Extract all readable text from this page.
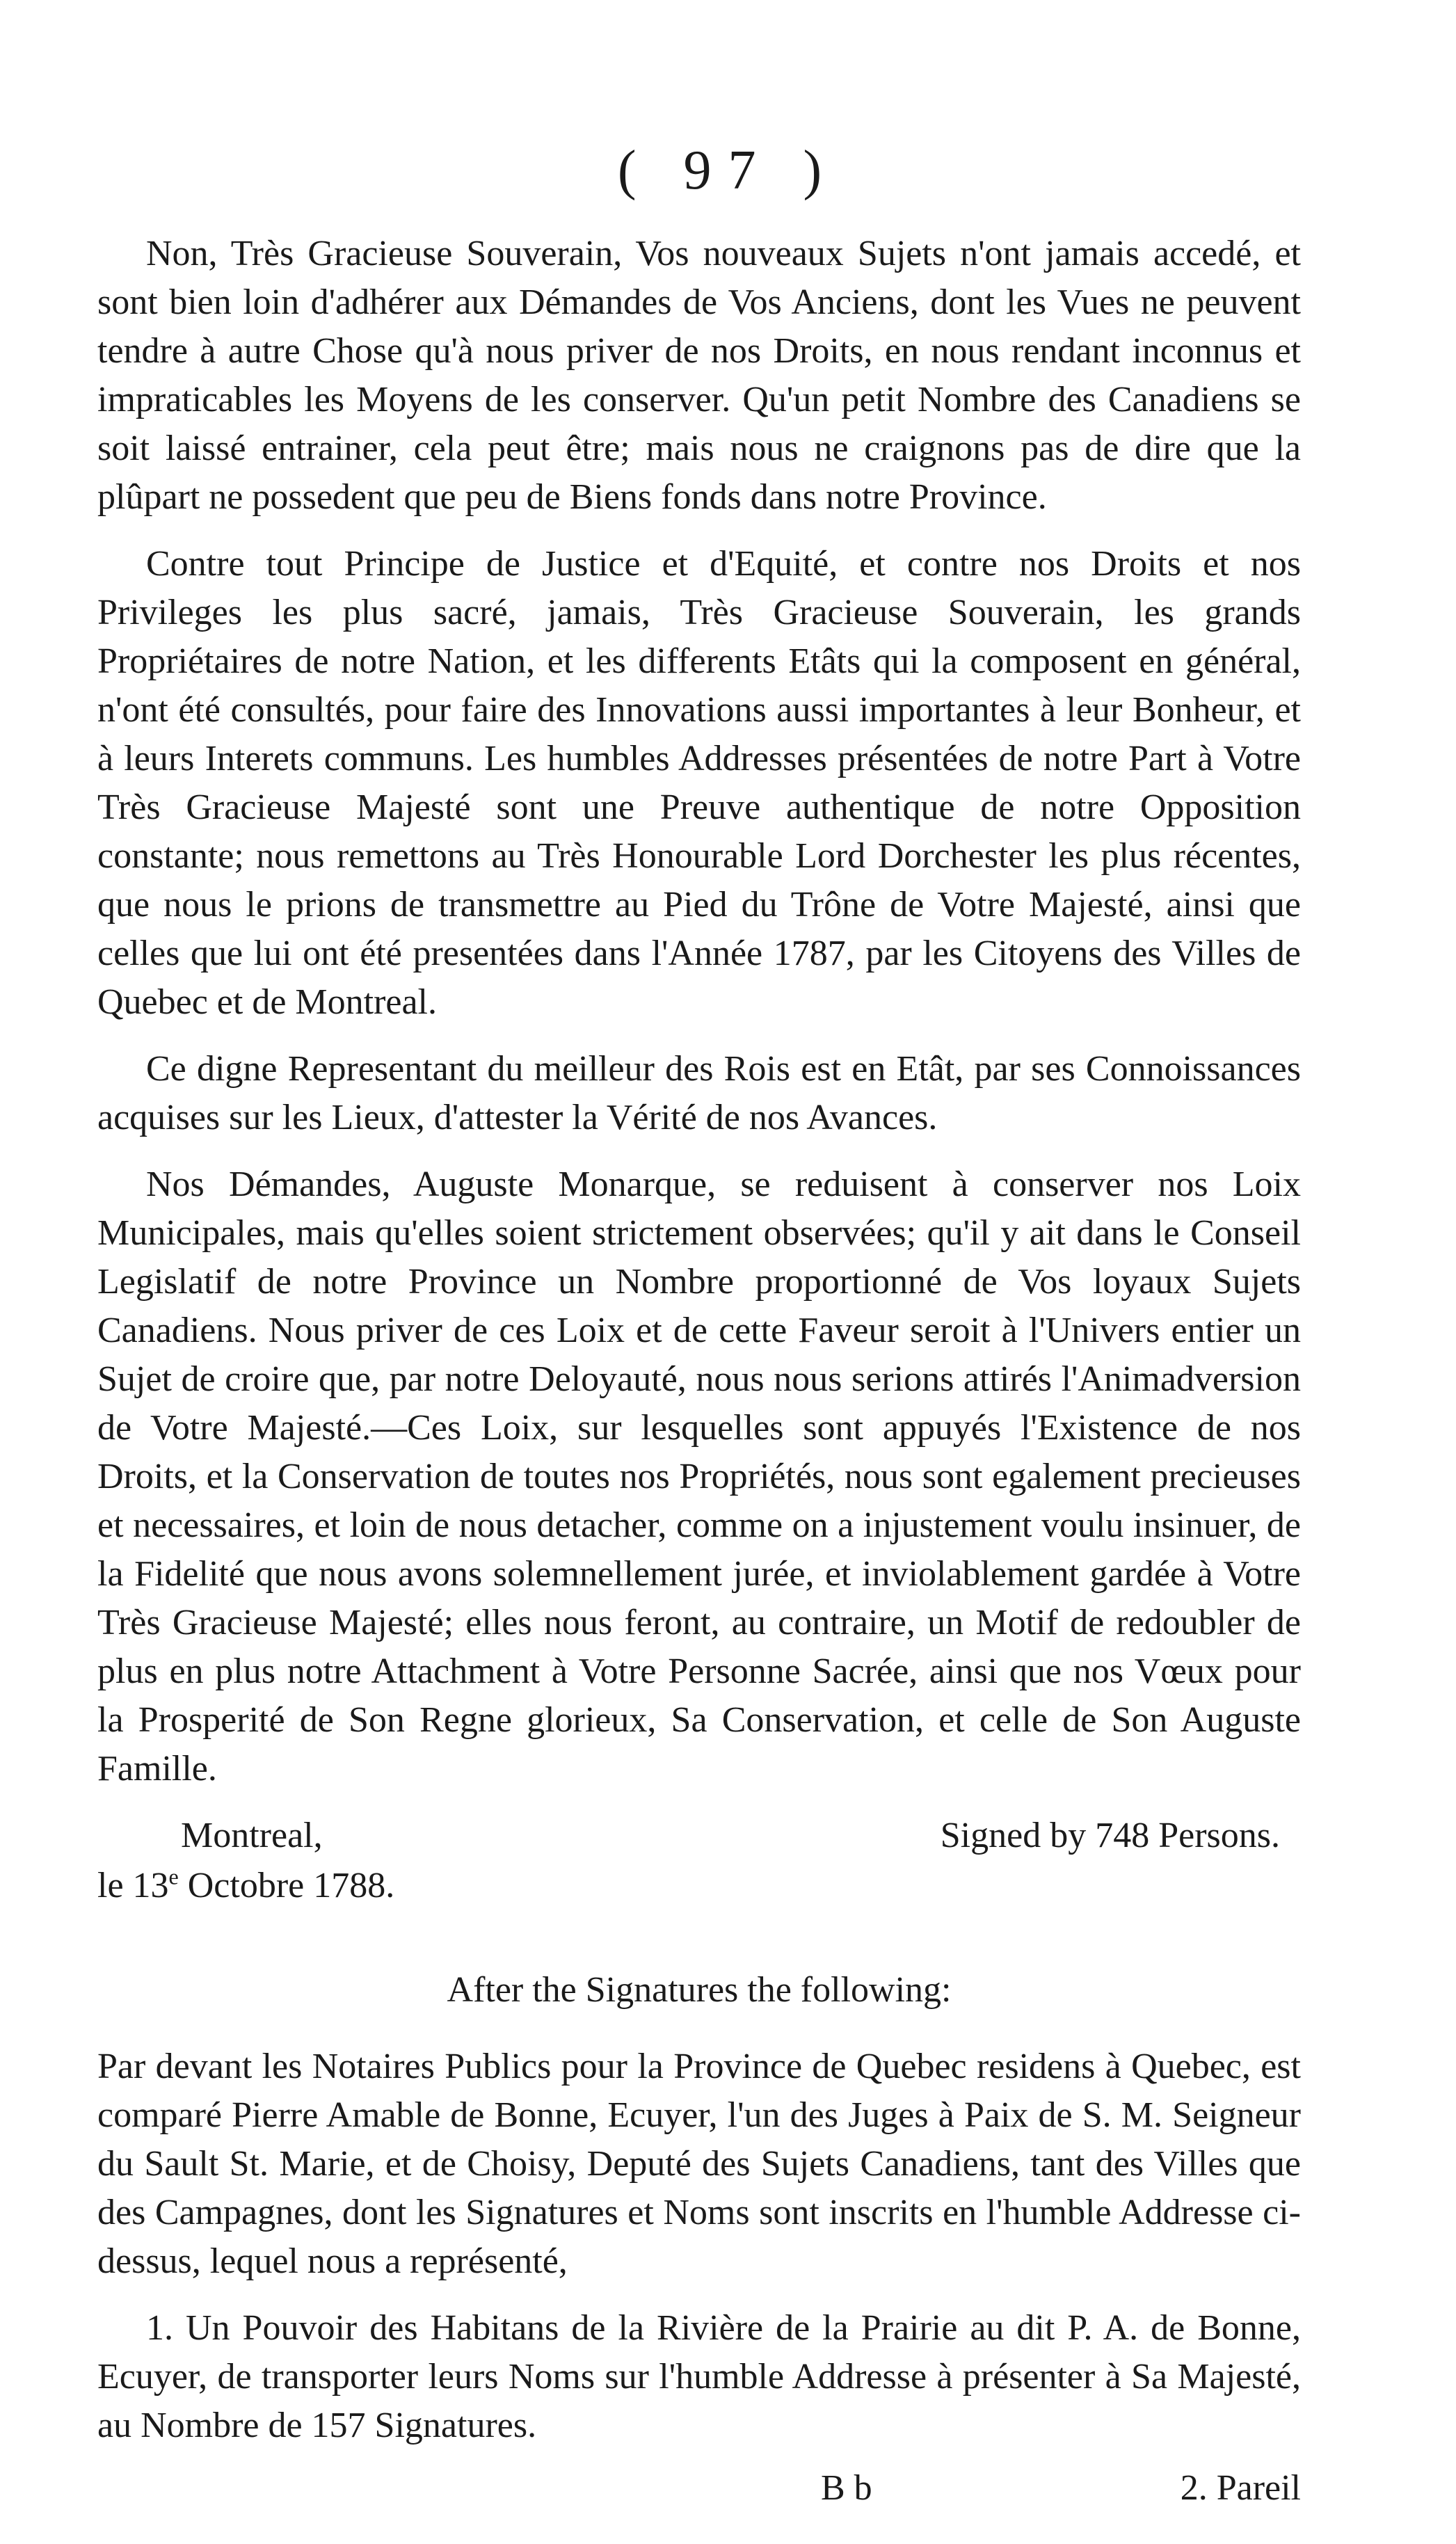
( 97 )

Non, Très Gracieuse Souverain, Vos nouveaux Sujets n'ont jamais accedé, et sont bien loin d'adhérer aux Démandes de Vos Anciens, dont les Vues ne peuvent tendre à autre Chose qu'à nous priver de nos Droits, en nous rendant inconnus et impraticables les Moyens de les conserver. Qu'un petit Nombre des Canadiens se soit laissé entrainer, cela peut être; mais nous ne craignons pas de dire que la plûpart ne possedent que peu de Biens fonds dans notre Province.

Contre tout Principe de Justice et d'Equité, et contre nos Droits et nos Privileges les plus sacré, jamais, Très Gracieuse Souverain, les grands Propriétaires de notre Nation, et les differents Etâts qui la composent en général, n'ont été consultés, pour faire des Innovations aussi importantes à leur Bonheur, et à leurs Interets communs. Les humbles Addresses présentées de notre Part à Votre Très Gracieuse Majesté sont une Preuve authentique de notre Opposition constante; nous remettons au Très Honourable Lord Dorchester les plus récentes, que nous le prions de transmettre au Pied du Trône de Votre Majesté, ainsi que celles que lui ont été presentées dans l'Année 1787, par les Citoyens des Villes de Quebec et de Montreal.

Ce digne Representant du meilleur des Rois est en Etât, par ses Connoissances acquises sur les Lieux, d'attester la Vérité de nos Avances.

Nos Démandes, Auguste Monarque, se reduisent à conserver nos Loix Municipales, mais qu'elles soient strictement observées; qu'il y ait dans le Conseil Legislatif de notre Province un Nombre proportionné de Vos loyaux Sujets Canadiens. Nous priver de ces Loix et de cette Faveur seroit à l'Univers entier un Sujet de croire que, par notre Deloyauté, nous nous serions attirés l'Animadversion de Votre Majesté.—Ces Loix, sur lesquelles sont appuyés l'Existence de nos Droits, et la Conservation de toutes nos Propriétés, nous sont egalement precieuses et necessaires, et loin de nous detacher, comme on a injustement voulu insinuer, de la Fidelité que nous avons solemnellement jurée, et inviolablement gardée à Votre Très Gracieuse Majesté; elles nous feront, au contraire, un Motif de redoubler de plus en plus notre Attachment à Votre Personne Sacrée, ainsi que nos Vœux pour la Prosperité de Son Regne glorieux, Sa Conservation, et celle de Son Auguste Famille.

Montreal,	Signed by 748 Persons.
le 13e Octobre 1788.

After the Signatures the following:

Par devant les Notaires Publics pour la Province de Quebec residens à Quebec, est comparé Pierre Amable de Bonne, Ecuyer, l'un des Juges à Paix de S. M. Seigneur du Sault St. Marie, et de Choisy, Deputé des Sujets Canadiens, tant des Villes que des Campagnes, dont les Signatures et Noms sont inscrits en l'humble Addresse ci-dessus, lequel nous a représenté,

1. Un Pouvoir des Habitans de la Rivière de la Prairie au dit P. A. de Bonne, Ecuyer, de transporter leurs Noms sur l'humble Addresse à présenter à Sa Majesté, au Nombre de 157 Signatures.

B b	2. Pareil
